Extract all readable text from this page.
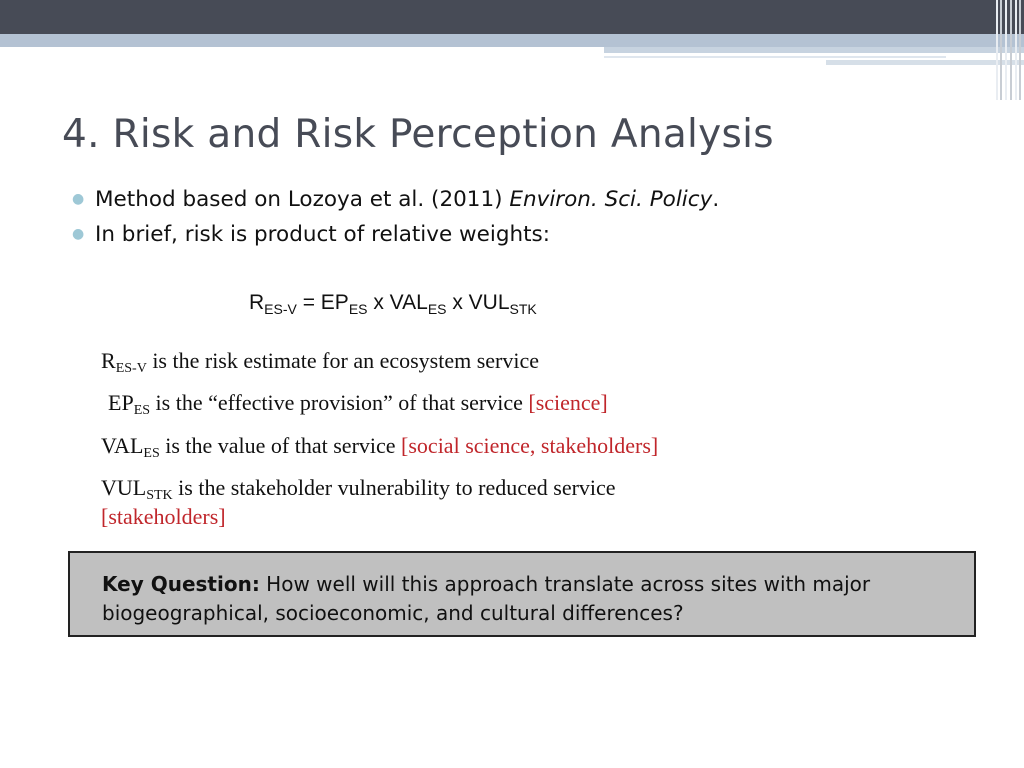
4. Risk and Risk Perception Analysis
● Method based on Lozoya et al. (2011) Environ. Sci. Policy.
● In brief, risk is product of relative weights:
$R_{ES-V} = EP_{ES}$ x $VAL_{ES}$ x $VUL_{STK}$
$R_{ES-V}$ is the risk estimate for an ecosystem service
$EP_{ES}$ is the “effective provision” of that service [science]
$VAL_{ES}$ is the value of that service [social science, stakeholders]
$VUL_{STK}$ is the stakeholder vulnerability to reduced service
[stakeholders]
Key Question: How well will this approach translate across sites with major biogeographical, socioeconomic, and cultural differences?
